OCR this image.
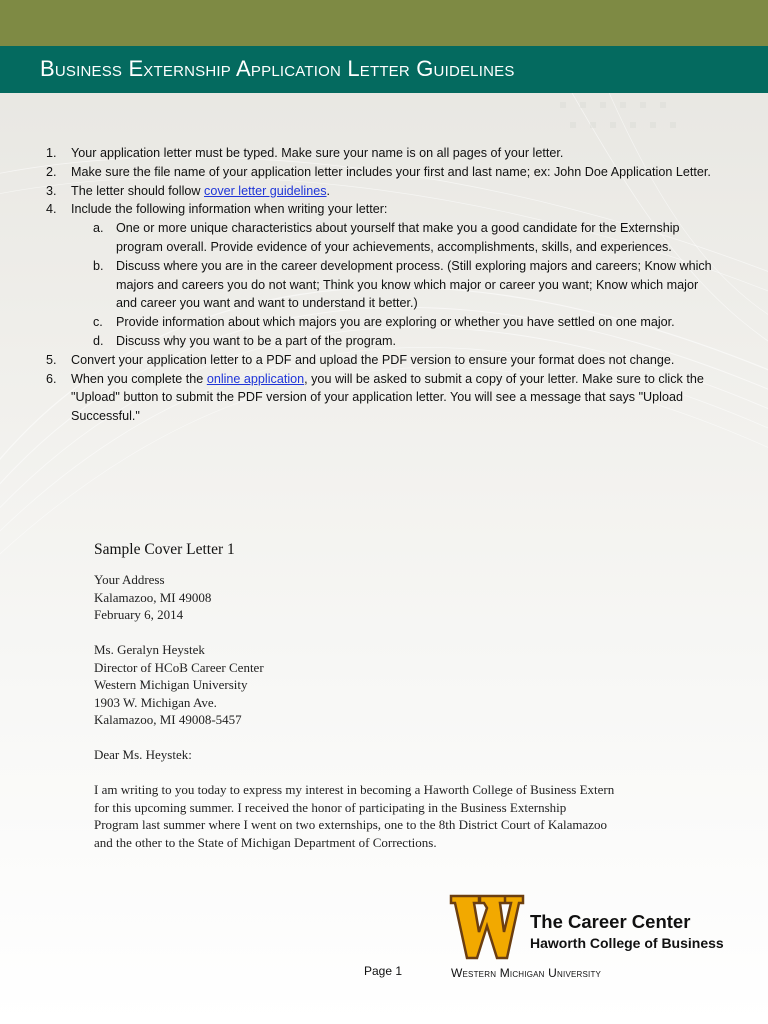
Business Externship Application Letter Guidelines
1. Your application letter must be typed. Make sure your name is on all pages of your letter.
2. Make sure the file name of your application letter includes your first and last name; ex: John Doe Application Letter.
3. The letter should follow cover letter guidelines.
4. Include the following information when writing your letter:
a. One or more unique characteristics about yourself that make you a good candidate for the Externship program overall. Provide evidence of your achievements, accomplishments, skills, and experiences.
b. Discuss where you are in the career development process. (Still exploring majors and careers; Know which majors and careers you do not want; Think you know which major or career you want; Know which major and career you want and want to understand it better.)
c. Provide information about which majors you are exploring or whether you have settled on one major.
d. Discuss why you want to be a part of the program.
5. Convert your application letter to a PDF and upload the PDF version to ensure your format does not change.
6. When you complete the online application, you will be asked to submit a copy of your letter. Make sure to click the "Upload" button to submit the PDF version of your application letter. You will see a message that says "Upload Successful."
Sample Cover Letter 1
Your Address
Kalamazoo, MI 49008
February 6, 2014
Ms. Geralyn Heystek
Director of HCoB Career Center
Western Michigan University
1903 W. Michigan Ave.
Kalamazoo, MI 49008-5457
Dear Ms. Heystek:
I am writing to you today to express my interest in becoming a Haworth College of Business Extern
for this upcoming summer. I received the honor of participating in the Business Externship
Program last summer where I went on two externships, one to the 8th District Court of Kalamazoo
and the other to the State of Michigan Department of Corrections.
Page 1
The Career Center
Haworth College of Business
Western Michigan University
